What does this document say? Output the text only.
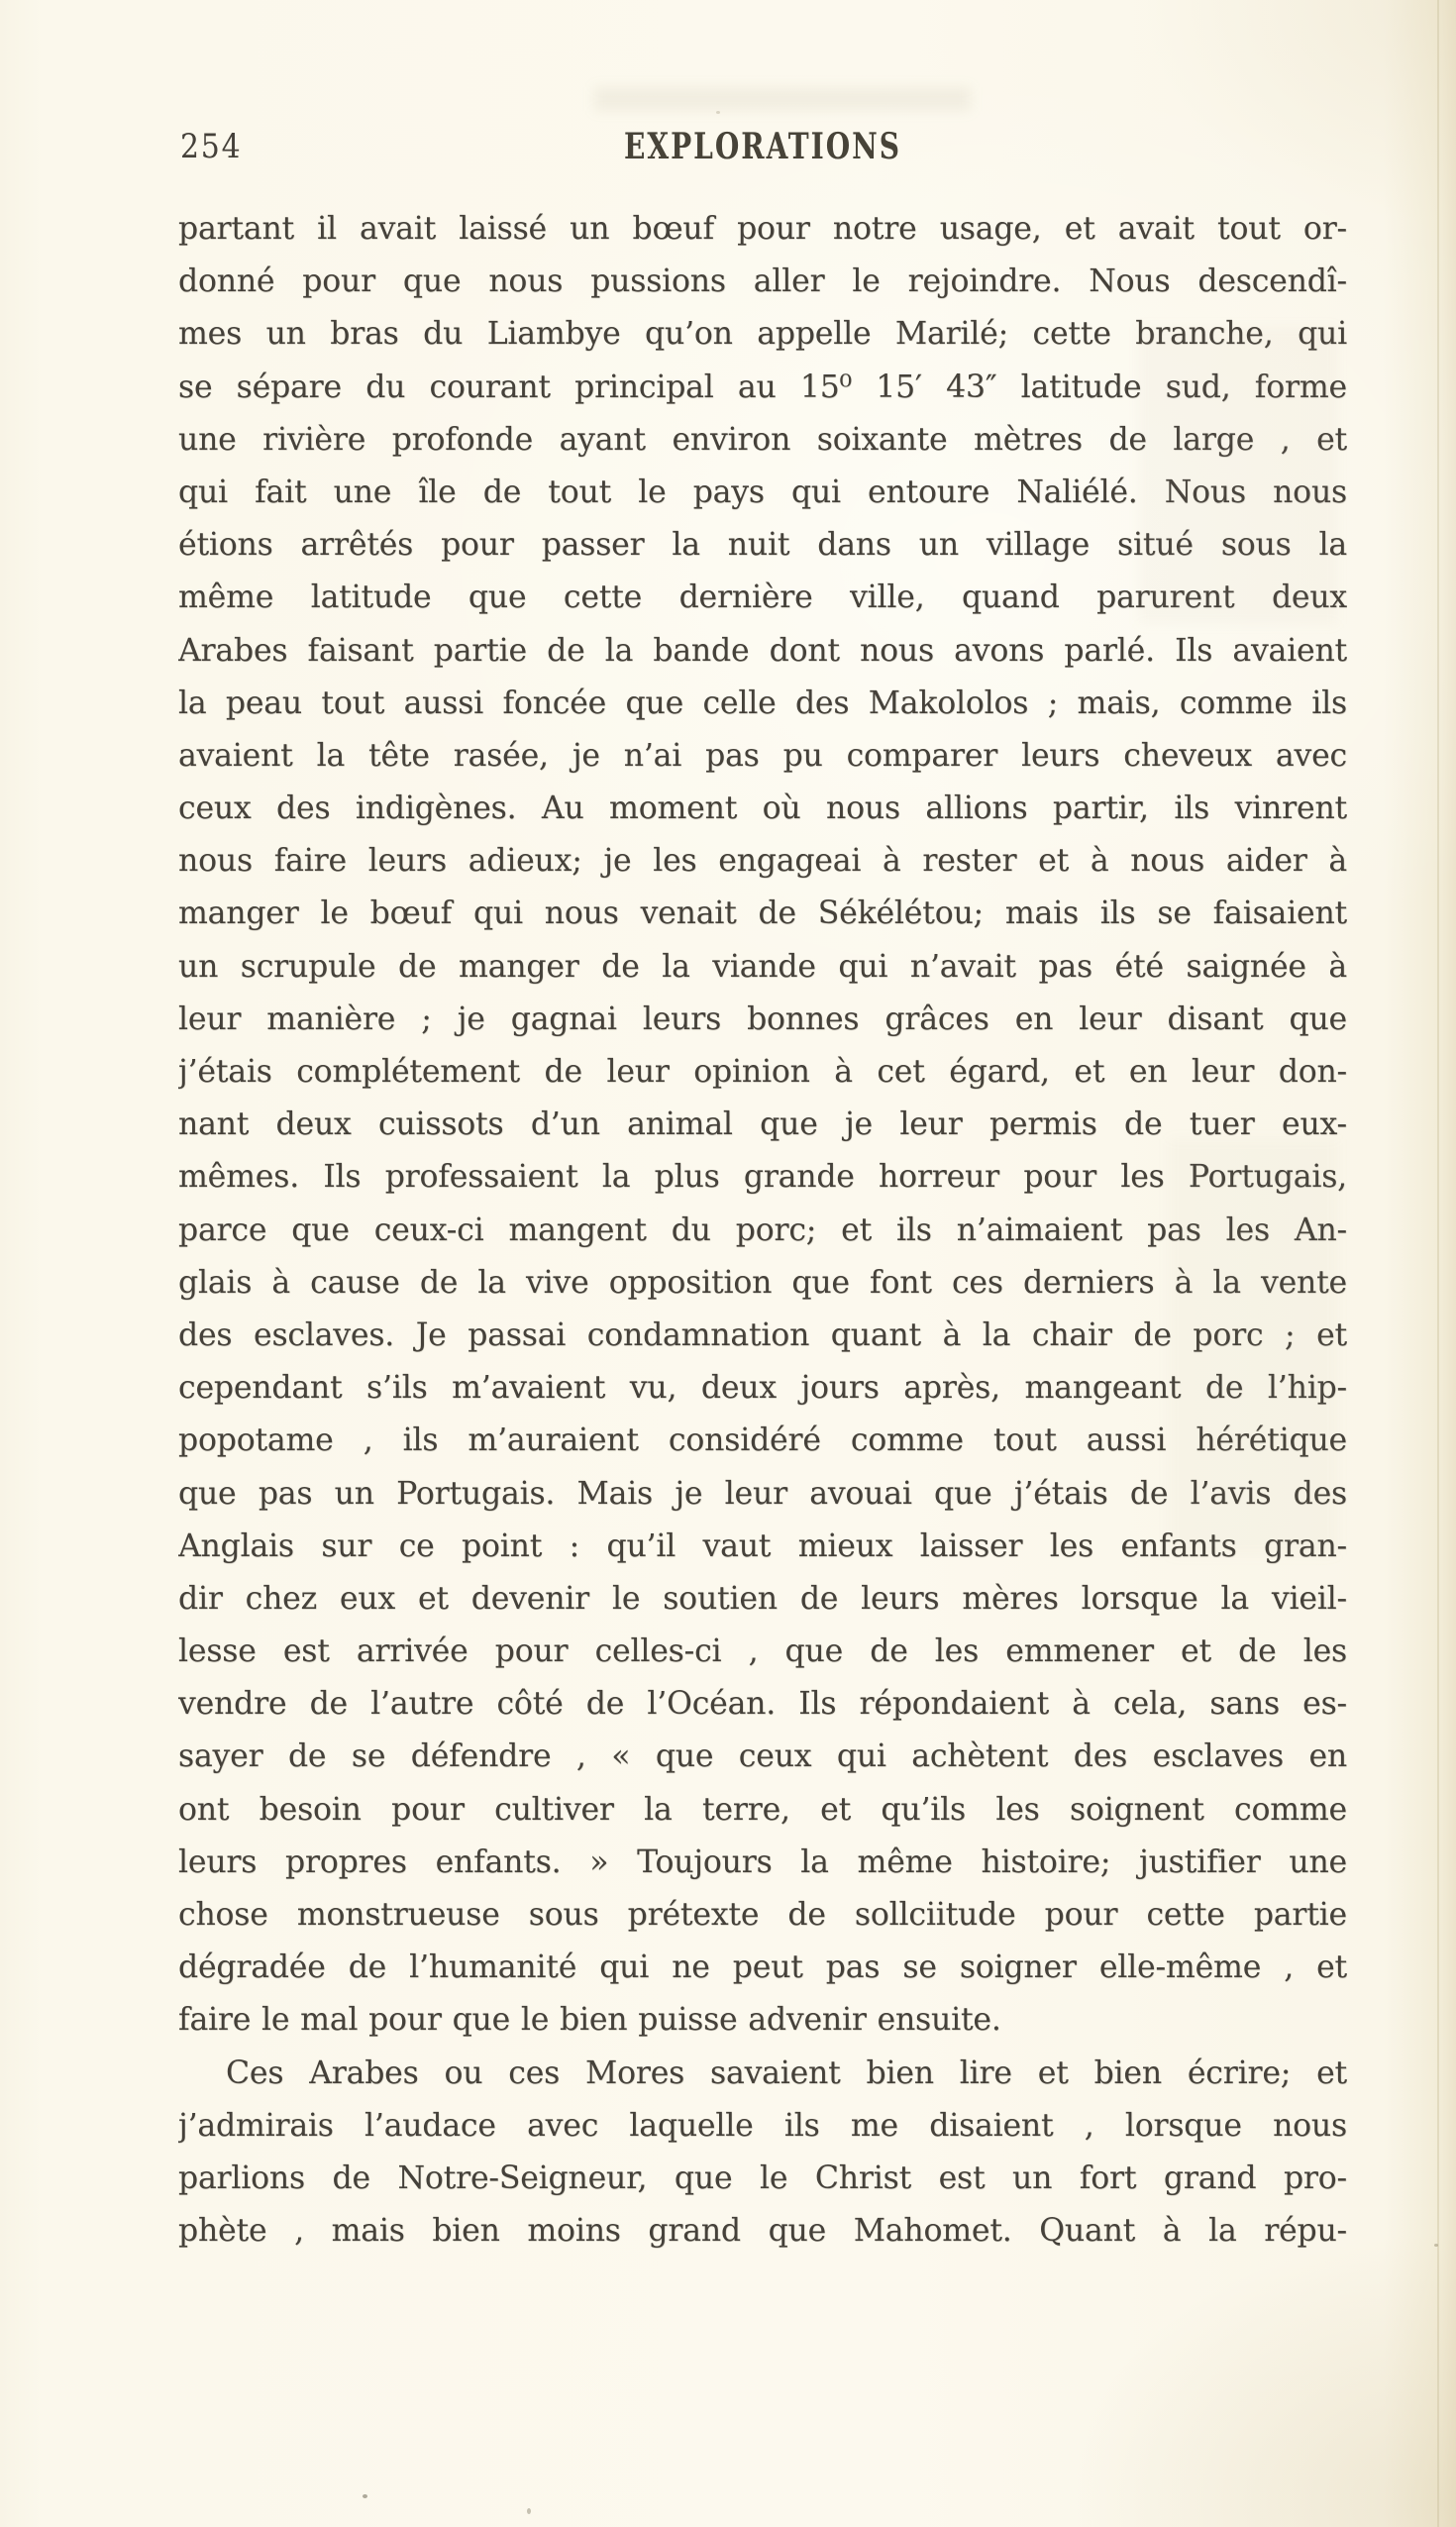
254	EXPLORATIONS
partant il avait laissé un bœuf pour notre usage, et avait tout or-
donné pour que nous pussions aller le rejoindre. Nous descendî-
mes un bras du Liambye qu’on appelle Marilé; cette branche, qui
se sépare du courant principal au 15⁰ 15′ 43″ latitude sud, forme
une rivière profonde ayant environ soixante mètres de large , et
qui fait une île de tout le pays qui entoure Naliélé. Nous nous
étions arrêtés pour passer la nuit dans un village situé sous la
même latitude que cette dernière ville, quand parurent deux
Arabes faisant partie de la bande dont nous avons parlé. Ils avaient
la peau tout aussi foncée que celle des Makololos ; mais, comme ils
avaient la tête rasée, je n’ai pas pu comparer leurs cheveux avec
ceux des indigènes. Au moment où nous allions partir, ils vinrent
nous faire leurs adieux; je les engageai à rester et à nous aider à
manger le bœuf qui nous venait de Sékélétou; mais ils se faisaient
un scrupule de manger de la viande qui n’avait pas été saignée à
leur manière ; je gagnai leurs bonnes grâces en leur disant que
j’étais complétement de leur opinion à cet égard, et en leur don-
nant deux cuissots d’un animal que je leur permis de tuer eux-
mêmes. Ils professaient la plus grande horreur pour les Portugais,
parce que ceux-ci mangent du porc; et ils n’aimaient pas les An-
glais à cause de la vive opposition que font ces derniers à la vente
des esclaves. Je passai condamnation quant à la chair de porc ; et
cependant s’ils m’avaient vu, deux jours après, mangeant de l’hip-
popotame , ils m’auraient considéré comme tout aussi hérétique
que pas un Portugais. Mais je leur avouai que j’étais de l’avis des
Anglais sur ce point : qu’il vaut mieux laisser les enfants gran-
dir chez eux et devenir le soutien de leurs mères lorsque la vieil-
lesse est arrivée pour celles-ci , que de les emmener et de les
vendre de l’autre côté de l’Océan. Ils répondaient à cela, sans es-
sayer de se défendre , « que ceux qui achètent des esclaves en
ont besoin pour cultiver la terre, et qu’ils les soignent comme
leurs propres enfants. » Toujours la même histoire; justifier une
chose monstrueuse sous prétexte de sollciitude pour cette partie
dégradée de l’humanité qui ne peut pas se soigner elle-même , et
faire le mal pour que le bien puisse advenir ensuite.
Ces Arabes ou ces Mores savaient bien lire et bien écrire; et
j’admirais l’audace avec laquelle ils me disaient , lorsque nous
parlions de Notre-Seigneur, que le Christ est un fort grand pro-
phète , mais bien moins grand que Mahomet. Quant à la répu-
